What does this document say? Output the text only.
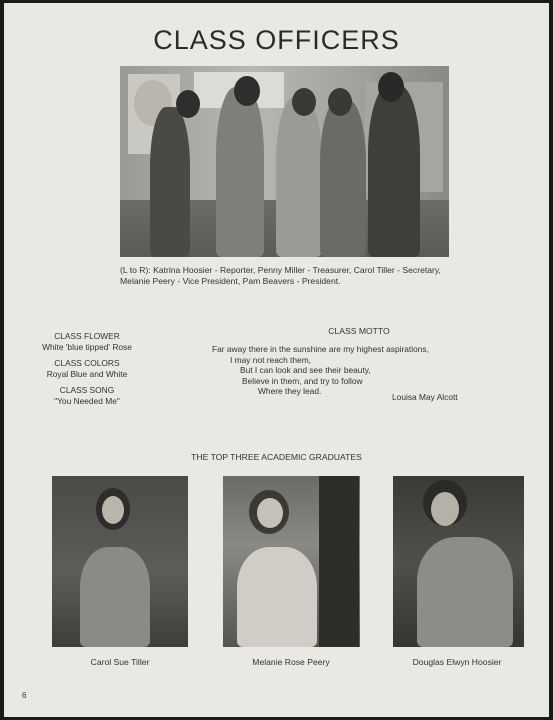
CLASS OFFICERS
(L to R): Katrina Hoosier - Reporter, Penny Miller - Treasurer, Carol Tiller - Secretary, Melanie Peery - Vice President, Pam Beavers - President.
CLASS FLOWER
White 'blue tipped' Rose
CLASS COLORS
Royal Blue and White
CLASS SONG
"You Needed Me"
CLASS MOTTO
Far away there in the sunshine are my highest aspirations,
I may not reach them,
But I can look and see their beauty,
Believe in them, and try to follow
Where they lead.
Louisa May Alcott
THE TOP THREE ACADEMIC GRADUATES
Carol Sue Tiller	Melanie Rose Peery	Douglas Elwyn Hoosier
6
